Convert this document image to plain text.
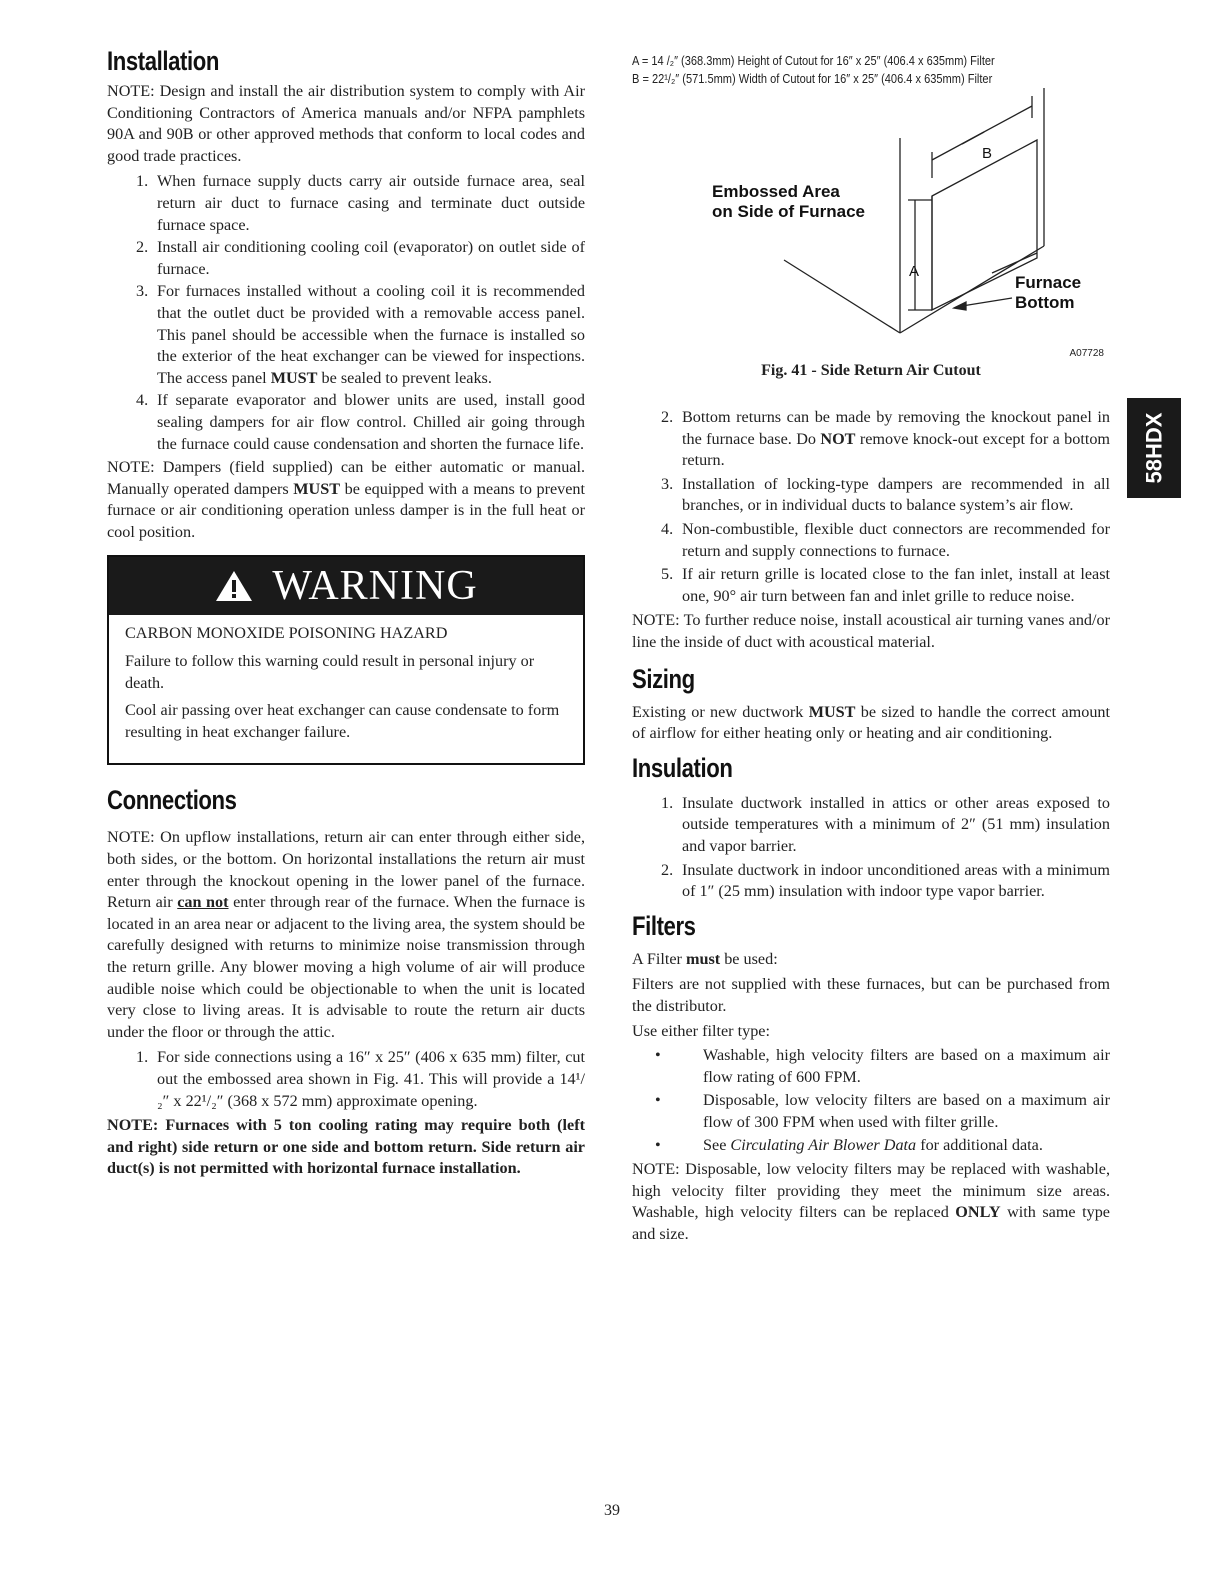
Installation

NOTE: Design and install the air distribution system to comply with Air Conditioning Contractors of America manuals and/or NFPA pamphlets 90A and 90B or other approved methods that conform to local codes and good trade practices.

1. When furnace supply ducts carry air outside furnace area, seal return air duct to furnace casing and terminate duct outside furnace space.
2. Install air conditioning cooling coil (evaporator) on outlet side of furnace.
3. For furnaces installed without a cooling coil it is recommended that the outlet duct be provided with a removable access panel. This panel should be accessible when the furnace is installed so the exterior of the heat exchanger can be viewed for inspections. The access panel MUST be sealed to prevent leaks.
4. If separate evaporator and blower units are used, install good sealing dampers for air flow control. Chilled air going through the furnace could cause condensation and shorten the furnace life.

NOTE: Dampers (field supplied) can be either automatic or manual. Manually operated dampers MUST be equipped with a means to prevent furnace or air conditioning operation unless damper is in the full heat or cool position.

WARNING

CARBON MONOXIDE POISONING HAZARD

Failure to follow this warning could result in personal injury or death.

Cool air passing over heat exchanger can cause condensate to form resulting in heat exchanger failure.

Connections

NOTE: On upflow installations, return air can enter through either side, both sides, or the bottom. On horizontal installations the return air must enter through the knockout opening in the lower panel of the furnace. Return air can not enter through rear of the furnace. When the furnace is located in an area near or adjacent to the living area, the system should be carefully designed with returns to minimize noise transmission through the return grille. Any blower moving a high volume of air will produce audible noise which could be objectionable to when the unit is located very close to living areas. It is advisable to route the return air ducts under the floor or through the attic.

1. For side connections using a 16″ x 25″ (406 x 635 mm) filter, cut out the embossed area shown in Fig. 41. This will provide a 14¹/₂″ x 22¹/₂″ (368 x 572 mm) approximate opening.

NOTE: Furnaces with 5 ton cooling rating may require both (left and right) side return or one side and bottom return. Side return air duct(s) is not permitted with horizontal furnace installation.

A = 14 /₂″ (368.3mm) Height of Cutout for 16″ x 25″ (406.4 x 635mm) Filter
B = 22¹/₂″ (571.5mm) Width of Cutout for 16″ x 25″ (406.4 x 635mm) Filter
Embossed Area
on Side of Furnace
A
B
Furnace
Bottom
A07728
Fig. 41 - Side Return Air Cutout
2. Bottom returns can be made by removing the knockout panel in the furnace base. Do NOT remove knock-out except for a bottom return.
3. Installation of locking-type dampers are recommended in all branches, or in individual ducts to balance system’s air flow.
4. Non-combustible, flexible duct connectors are recommended for return and supply connections to furnace.
5. If air return grille is located close to the fan inlet, install at least one, 90° air turn between fan and inlet grille to reduce noise.

NOTE: To further reduce noise, install acoustical air turning vanes and/or line the inside of duct with acoustical material.

Sizing

Existing or new ductwork MUST be sized to handle the correct amount of airflow for either heating only or heating and air conditioning.

Insulation
1. Insulate ductwork installed in attics or other areas exposed to outside temperatures with a minimum of 2″ (51 mm) insulation and vapor barrier.
2. Insulate ductwork in indoor unconditioned areas with a minimum of 1″ (25 mm) insulation with indoor type vapor barrier.
Filters

A Filter must be used:

Filters are not supplied with these furnaces, but can be purchased from the distributor.

Use either filter type:

•	Washable, high velocity filters are based on a maximum air flow rating of 600 FPM.
•	Disposable, low velocity filters are based on a maximum air flow of 300 FPM when used with filter grille.
•	See Circulating Air Blower Data for additional data.

NOTE: Disposable, low velocity filters may be replaced with washable, high velocity filter providing they meet the minimum size areas. Washable, high velocity filters can be replaced ONLY with same type and size.

58HDX
39
